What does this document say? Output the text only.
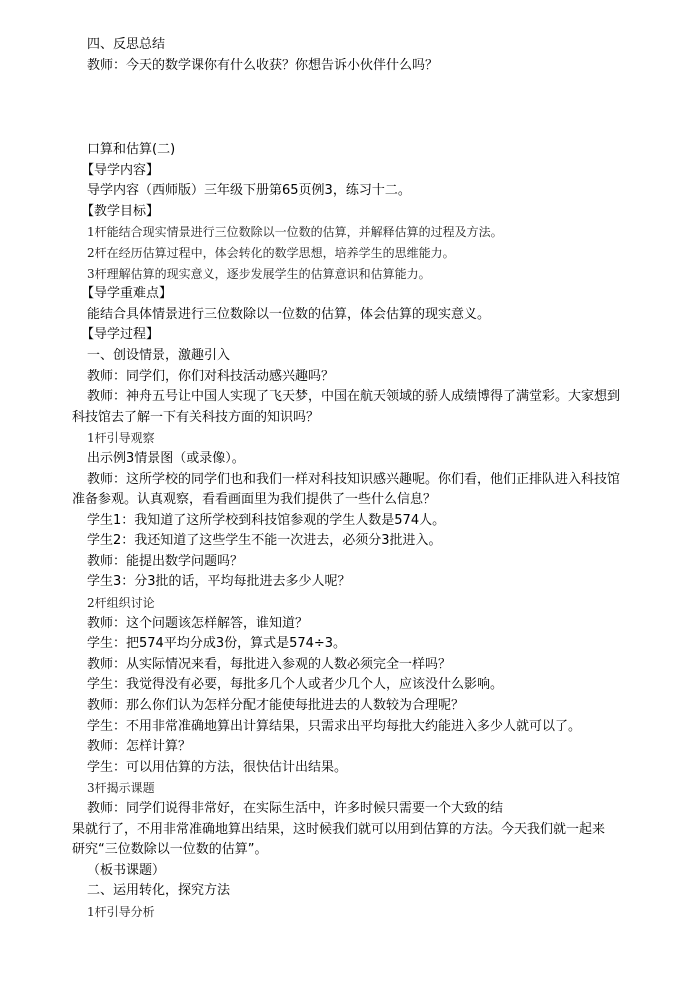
四、反思总结
教师：今天的数学课你有什么收获？你想告诉小伙伴什么吗？
口算和估算(二)
【导学内容】
导学内容（西师版）三年级下册第65页例3，练习十二。
【教学目标】
1杆能结合现实情景进行三位数除以一位数的估算，并解释估算的过程及方法。
2杆在经历估算过程中，体会转化的数学思想，培养学生的思维能力。
3杆理解估算的现实意义，逐步发展学生的估算意识和估算能力。
【导学重难点】
能结合具体情景进行三位数除以一位数的估算，体会估算的现实意义。
【导学过程】
一、创设情景，激趣引入
教师：同学们，你们对科技活动感兴趣吗？
教师：神舟五号让中国人实现了飞天梦，中国在航天领域的骄人成绩博得了满堂彩。大家想到
科技馆去了解一下有关科技方面的知识吗？
1杆引导观察
出示例3情景图（或录像）。
教师：这所学校的同学们也和我们一样对科技知识感兴趣呢。你们看，他们正排队进入科技馆
准备参观。认真观察，看看画面里为我们提供了一些什么信息？
学生1：我知道了这所学校到科技馆参观的学生人数是574人。
学生2：我还知道了这些学生不能一次进去，必须分3批进入。
教师：能提出数学问题吗？
学生3：分3批的话，平均每批进去多少人呢？
2杆组织讨论
教师：这个问题该怎样解答，谁知道？
学生：把574平均分成3份，算式是574÷3。
教师：从实际情况来看，每批进入参观的人数必须完全一样吗？
学生：我觉得没有必要，每批多几个人或者少几个人，应该没什么影响。
教师：那么你们认为怎样分配才能使每批进去的人数较为合理呢？
学生：不用非常准确地算出计算结果，只需求出平均每批大约能进入多少人就可以了。
教师：怎样计算？
学生：可以用估算的方法，很快估计出结果。
3杆揭示课题
教师：同学们说得非常好，在实际生活中，许多时候只需要一个大致的结
果就行了，不用非常准确地算出结果，这时候我们就可以用到估算的方法。今天我们就一起来
研究“三位数除以一位数的估算”。
（板书课题）
二、运用转化，探究方法
1杆引导分析
